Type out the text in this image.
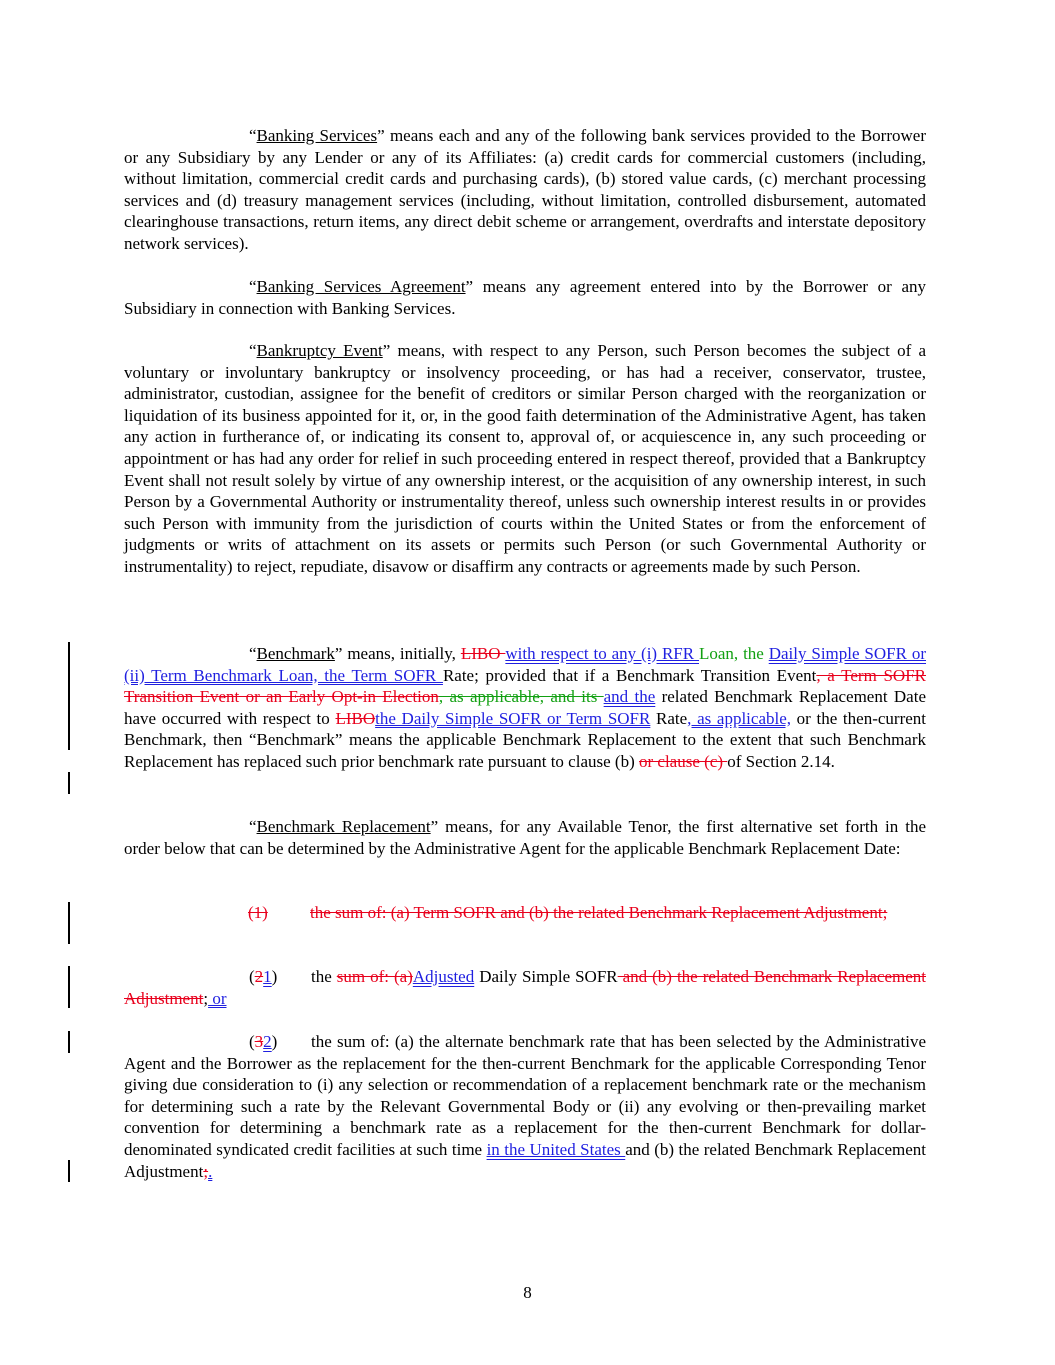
“Banking Services” means each and any of the following bank services provided to the Borrower or any Subsidiary by any Lender or any of its Affiliates: (a) credit cards for commercial customers (including, without limitation, commercial credit cards and purchasing cards), (b) stored value cards, (c) merchant processing services and (d) treasury management services (including, without limitation, controlled disbursement, automated clearinghouse transactions, return items, any direct debit scheme or arrangement, overdrafts and interstate depository network services).

“Banking Services Agreement” means any agreement entered into by the Borrower or any Subsidiary in connection with Banking Services.

“Bankruptcy Event” means, with respect to any Person, such Person becomes the subject of a voluntary or involuntary bankruptcy or insolvency proceeding, or has had a receiver, conservator, trustee, administrator, custodian, assignee for the benefit of creditors or similar Person charged with the reorganization or liquidation of its business appointed for it, or, in the good faith determination of the Administrative Agent, has taken any action in furtherance of, or indicating its consent to, approval of, or acquiescence in, any such proceeding or appointment or has had any order for relief in such proceeding entered in respect thereof, provided that a Bankruptcy Event shall not result solely by virtue of any ownership interest, or the acquisition of any ownership interest, in such Person by a Governmental Authority or instrumentality thereof, unless such ownership interest results in or provides such Person with immunity from the jurisdiction of courts within the United States or from the enforcement of judgments or writs of attachment on its assets or permits such Person (or such Governmental Authority or instrumentality) to reject, repudiate, disavow or disaffirm any contracts or agreements made by such Person.

“Benchmark” means, initially, LIBO with respect to any (i) RFR Loan, the Daily Simple SOFR or (ii) Term Benchmark Loan, the Term SOFR Rate; provided that if a Benchmark Transition Event, a Term SOFR Transition Event or an Early Opt-in Election, as applicable, and its and the related Benchmark Replacement Date have occurred with respect to LIBOthe Daily Simple SOFR or Term SOFR Rate, as applicable, or the then-current Benchmark, then “Benchmark” means the applicable Benchmark Replacement to the extent that such Benchmark Replacement has replaced such prior benchmark rate pursuant to clause (b) or clause (c) of Section 2.14.

“Benchmark Replacement” means, for any Available Tenor, the first alternative set forth in the order below that can be determined by the Administrative Agent for the applicable Benchmark Replacement Date:

(1) the sum of: (a) Term SOFR and (b) the related Benchmark Replacement Adjustment;

(21) the sum of: (a)Adjusted Daily Simple SOFR and (b) the related Benchmark Replacement Adjustment; or

(32) the sum of: (a) the alternate benchmark rate that has been selected by the Administrative Agent and the Borrower as the replacement for the then-current Benchmark for the applicable Corresponding Tenor giving due consideration to (i) any selection or recommendation of a replacement benchmark rate or the mechanism for determining such a rate by the Relevant Governmental Body or (ii) any evolving or then-prevailing market convention for determining a benchmark rate as a replacement for the then-current Benchmark for dollar-denominated syndicated credit facilities at such time in the United States and (b) the related Benchmark Replacement Adjustment;.

8
